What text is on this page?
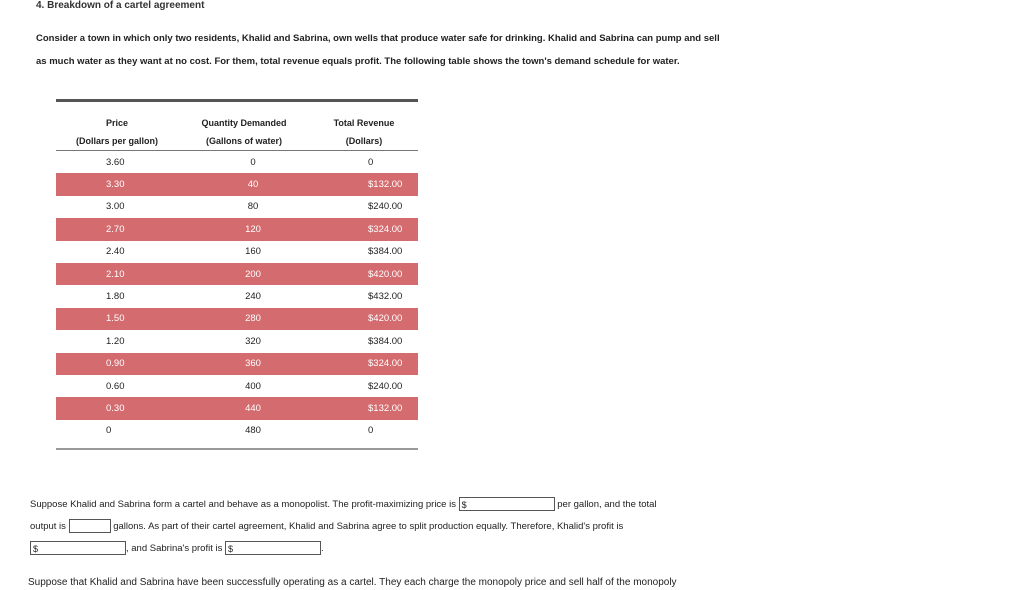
4. Breakdown of a cartel agreement

Consider a town in which only two residents, Khalid and Sabrina, own wells that produce water safe for drinking. Khalid and Sabrina can pump and sell

as much water as they want at no cost. For them, total revenue equals profit. The following table shows the town's demand schedule for water.

Price	Quantity Demanded	Total Revenue
(Dollars per gallon)	(Gallons of water)	(Dollars)
3.60	0	0
3.30	40	$132.00
3.00	80	$240.00
2.70	120	$324.00
2.40	160	$384.00
2.10	200	$420.00
1.80	240	$432.00
1.50	280	$420.00
1.20	320	$384.00
0.90	360	$324.00
0.60	400	$240.00
0.30	440	$132.00
0	480	0
Suppose Khalid and Sabrina form a cartel and behave as a monopolist. The profit-maximizing price is $	per gallon, and the total
output is	gallons. As part of their cartel agreement, Khalid and Sabrina agree to split production equally. Therefore, Khalid's profit is
$	, and Sabrina's profit is $	.
Suppose that Khalid and Sabrina have been successfully operating as a cartel. They each charge the monopoly price and sell half of the monopoly
